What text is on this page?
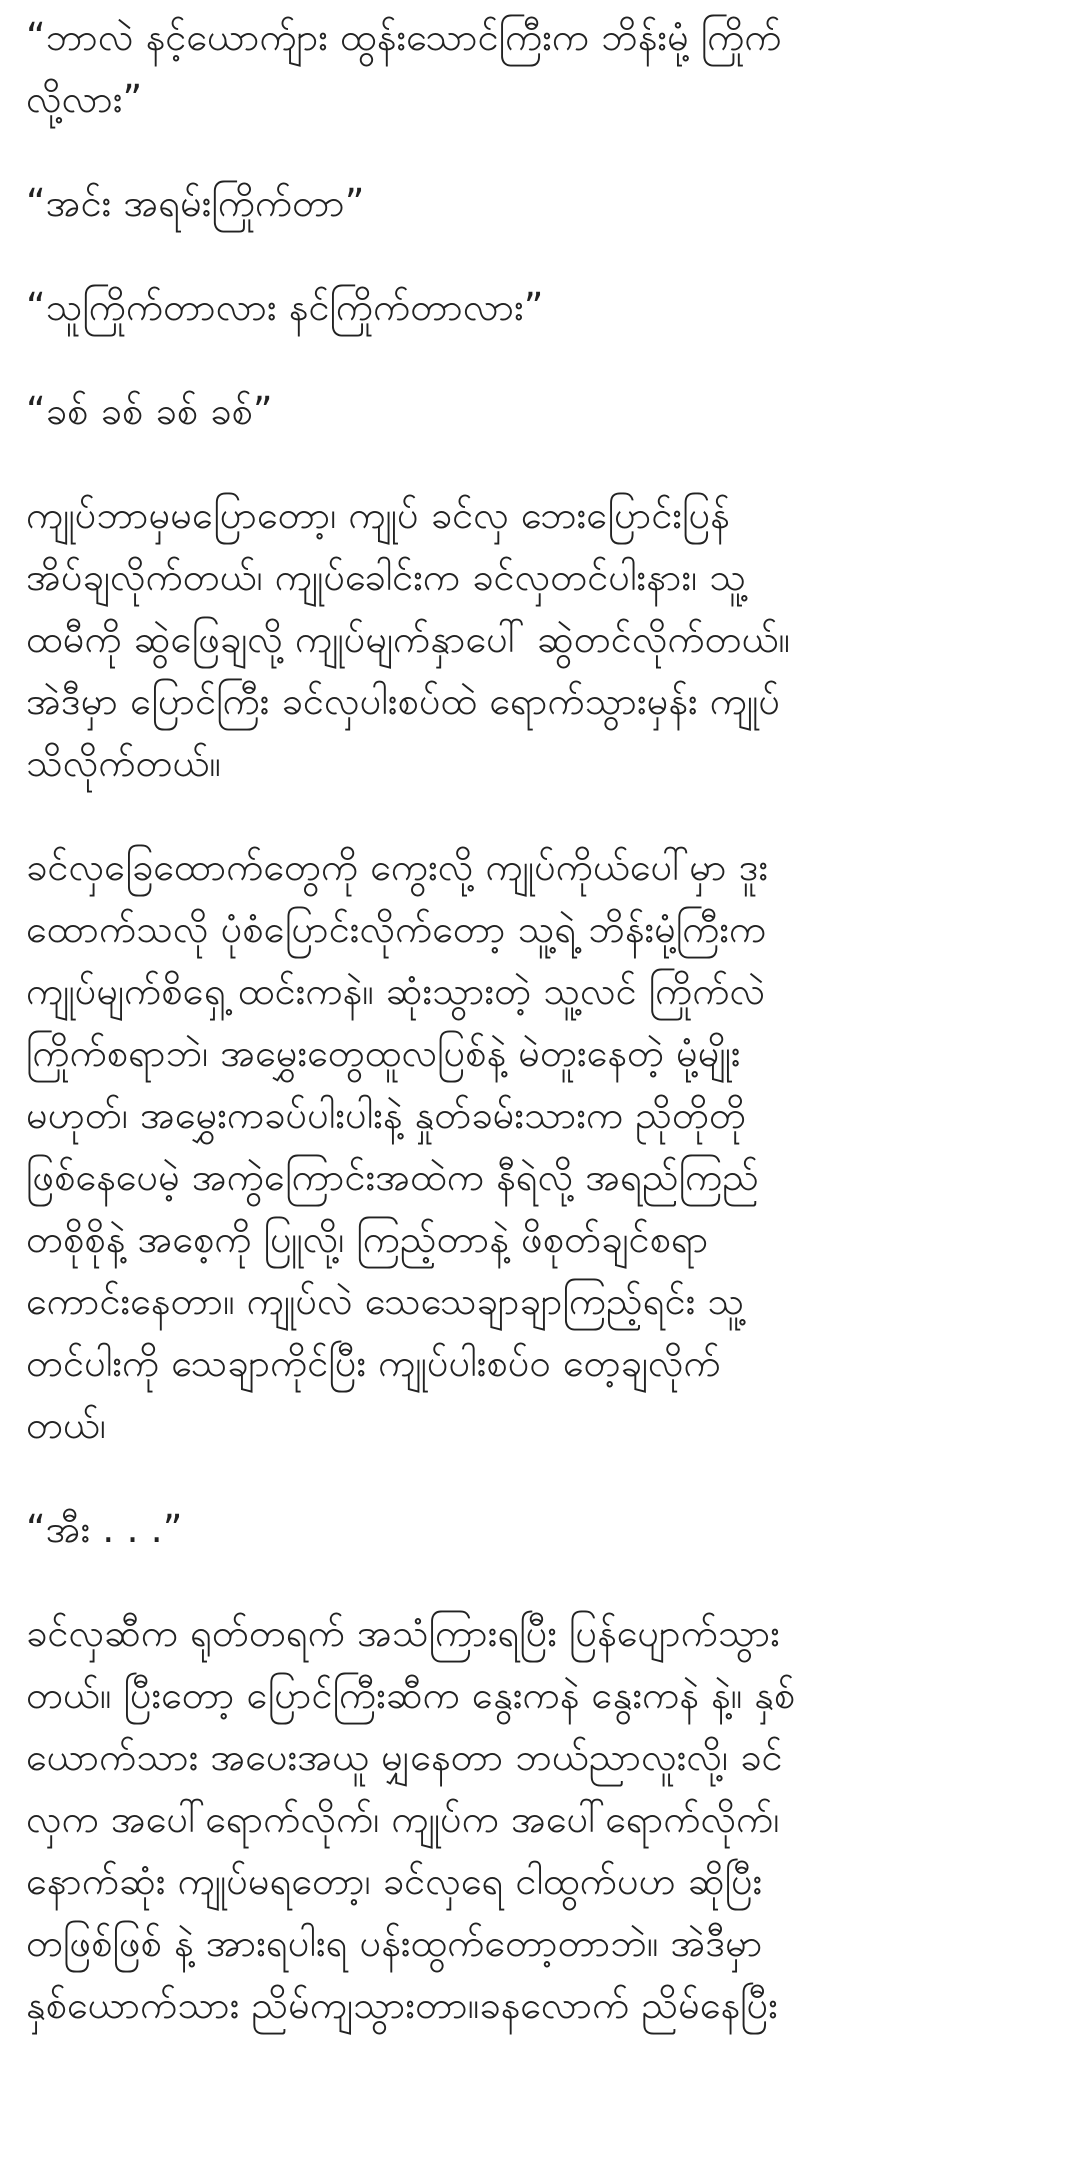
“ဘာလဲ နင့်ယောက်ျား ထွန်းသောင်ကြီးက ဘိန်းမုံ့ ကြိုက်
လို့လား”

“အင်း အရမ်းကြိုက်တာ”

“သူကြိုက်တာလား နင်ကြိုက်တာလား”

“ခစ် ခစ် ခစ် ခစ်”

ကျုပ်ဘာမှမပြောတော့၊ ကျုပ် ခင်လှ ဘေးပြောင်းပြန်
အိပ်ချလိုက်တယ်၊ ကျုပ်ခေါင်းက ခင်လှတင်ပါးနား၊ သူ့
ထမီကို ဆွဲဖြေချလို့ ကျုပ်မျက်နှာပေါ် ဆွဲတင်လိုက်တယ်။
အဲဒီမှာ ပြောင်ကြီး ခင်လှပါးစပ်ထဲ ရောက်သွားမှန်း ကျုပ်
သိလိုက်တယ်။

ခင်လှခြေထောက်တွေကို ကွေးလို့ ကျုပ်ကိုယ်ပေါ်မှာ ဒူး
ထောက်သလို ပုံစံပြောင်းလိုက်တော့ သူ့ရဲ့ ဘိန်းမုံ့ကြီးက
ကျုပ်မျက်စိရှေ့ ထင်းကနဲ။ ဆုံးသွားတဲ့ သူ့လင် ကြိုက်လဲ
ကြိုက်စရာဘဲ၊ အမွှေးတွေထူလပြစ်နဲ့ မဲတူးနေတဲ့ မုံ့မျိုး
မဟုတ်၊ အမွှေးကခပ်ပါးပါးနဲ့ နှုတ်ခမ်းသားက ညိုတိုတို
ဖြစ်နေပေမဲ့ အကွဲကြောင်းအထဲက နီရဲလို့ အရည်ကြည်
တစိုစိုနဲ့ အစေ့ကို ပြူလို့၊ ကြည့်တာနဲ့ ဖိစုတ်ချင်စရာ
ကောင်းနေတာ။ ကျုပ်လဲ သေသေချာချာကြည့်ရင်း သူ့
တင်ပါးကို သေချာကိုင်ပြီး ကျုပ်ပါးစပ်ဝ တေ့ချလိုက်
တယ်၊

“အီး . . .”

ခင်လှဆီက ရုတ်တရက် အသံကြားရပြီး ပြန်ပျောက်သွား
တယ်။ ပြီးတော့ ပြောင်ကြီးဆီက နွေးကနဲ နွေးကနဲ နဲ့။ နှစ်
ယောက်သား အပေးအယူ မျှနေတာ ဘယ်ညာလူးလို့၊ ခင်
လှက အပေါ်ရောက်လိုက်၊ ကျုပ်က အပေါ်ရောက်လိုက်၊
နောက်ဆုံး ကျုပ်မရတော့၊ ခင်လှရေ ငါထွက်ပဟ ဆိုပြီး
တဖြစ်ဖြစ် နဲ့ အားရပါးရ ပန်းထွက်တော့တာဘဲ။ အဲဒီမှာ
နှစ်ယောက်သား ညိမ်ကျသွားတာ။ခနလောက် ညိမ်နေပြီး
